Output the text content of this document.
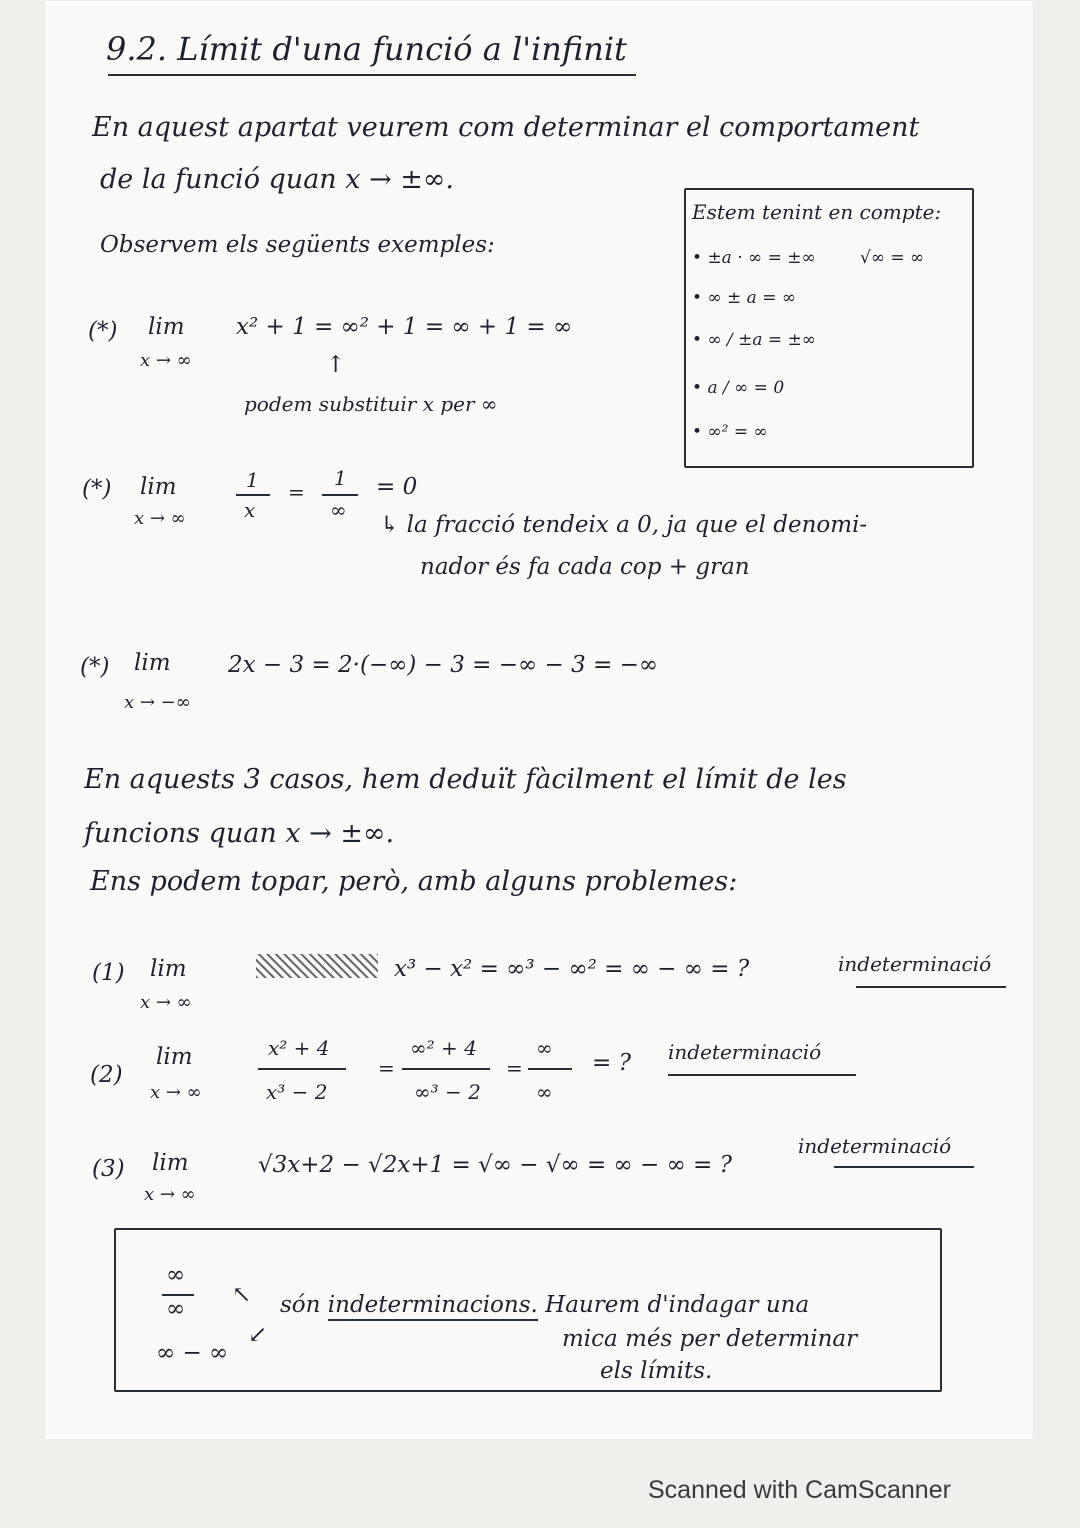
9.2. Límit d'una funció a l'infinit
En aquest apartat veurem com determinar el comportament
de la funció quan x → ±∞.
Observem els següents exemples:
Estem tenint en compte:
• ±a · ∞ = ±∞	√∞ = ∞
• ∞ ± a = ∞
• ∞ / ±a = ±∞
• a / ∞ = 0
• ∞² = ∞
(*) lim
x → ∞
x² + 1 = ∞² + 1 = ∞ + 1 = ∞
↑
podem substituir x per ∞
(*) lim
x → ∞
1
x
=
1
∞
= 0
↳ la fracció tendeix a 0, ja que el denomi-
nador és fa cada cop + gran
(*) lim
x → −∞
2x − 3 = 2·(−∞) − 3 = −∞ − 3 = −∞
En aquests 3 casos, hem deduït fàcilment el límit de les
funcions quan x → ±∞.
Ens podem topar, però, amb alguns problemes:
(1) lim
x → ∞
x³ − x² = ∞³ − ∞² = ∞ − ∞ = ?	indeterminació
(2)
lim
x → ∞
x² + 4
x³ − 2
=
∞² + 4
∞³ − 2
=
∞
∞
= ? indeterminació
(3) lim
x → ∞
√3x+2 − √2x+1 = √∞ − √∞ = ∞ − ∞ = ?
indeterminació
∞
∞
∞ − ∞
↖
↙
són indeterminacions. Haurem d'indagar una
mica més per determinar
els límits.
Scanned with CamScanner
